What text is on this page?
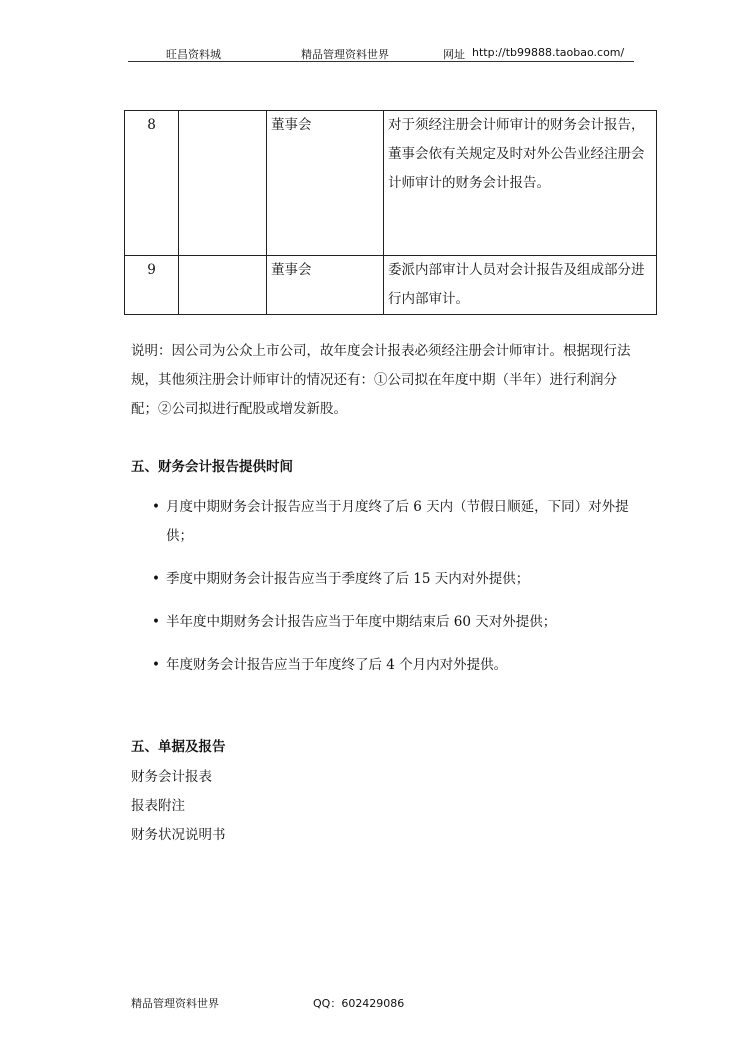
旺昌资料城	精品管理资料世界	网址 http://tb99888.taobao.com/
8		董事会	对于须经注册会计师审计的财务会计报告，董事会依有关规定及时对外公告业经注册会计师审计的财务会计报告。
9		董事会	委派内部审计人员对会计报告及组成部分进行内部审计。
说明：因公司为公众上市公司，故年度会计报表必须经注册会计师审计。根据现行法规，其他须注册会计师审计的情况还有：①公司拟在年度中期（半年）进行利润分配；②公司拟进行配股或增发新股。
五、财务会计报告提供时间
• 月度中期财务会计报告应当于月度终了后 6 天内（节假日顺延，下同）对外提供；
• 季度中期财务会计报告应当于季度终了后 15 天内对外提供；
• 半年度中期财务会计报告应当于年度中期结束后 60 天对外提供；
• 年度财务会计报告应当于年度终了后 4 个月内对外提供。
五、单据及报告
财务会计报表
报表附注
财务状况说明书
精品管理资料世界	QQ：602429086
